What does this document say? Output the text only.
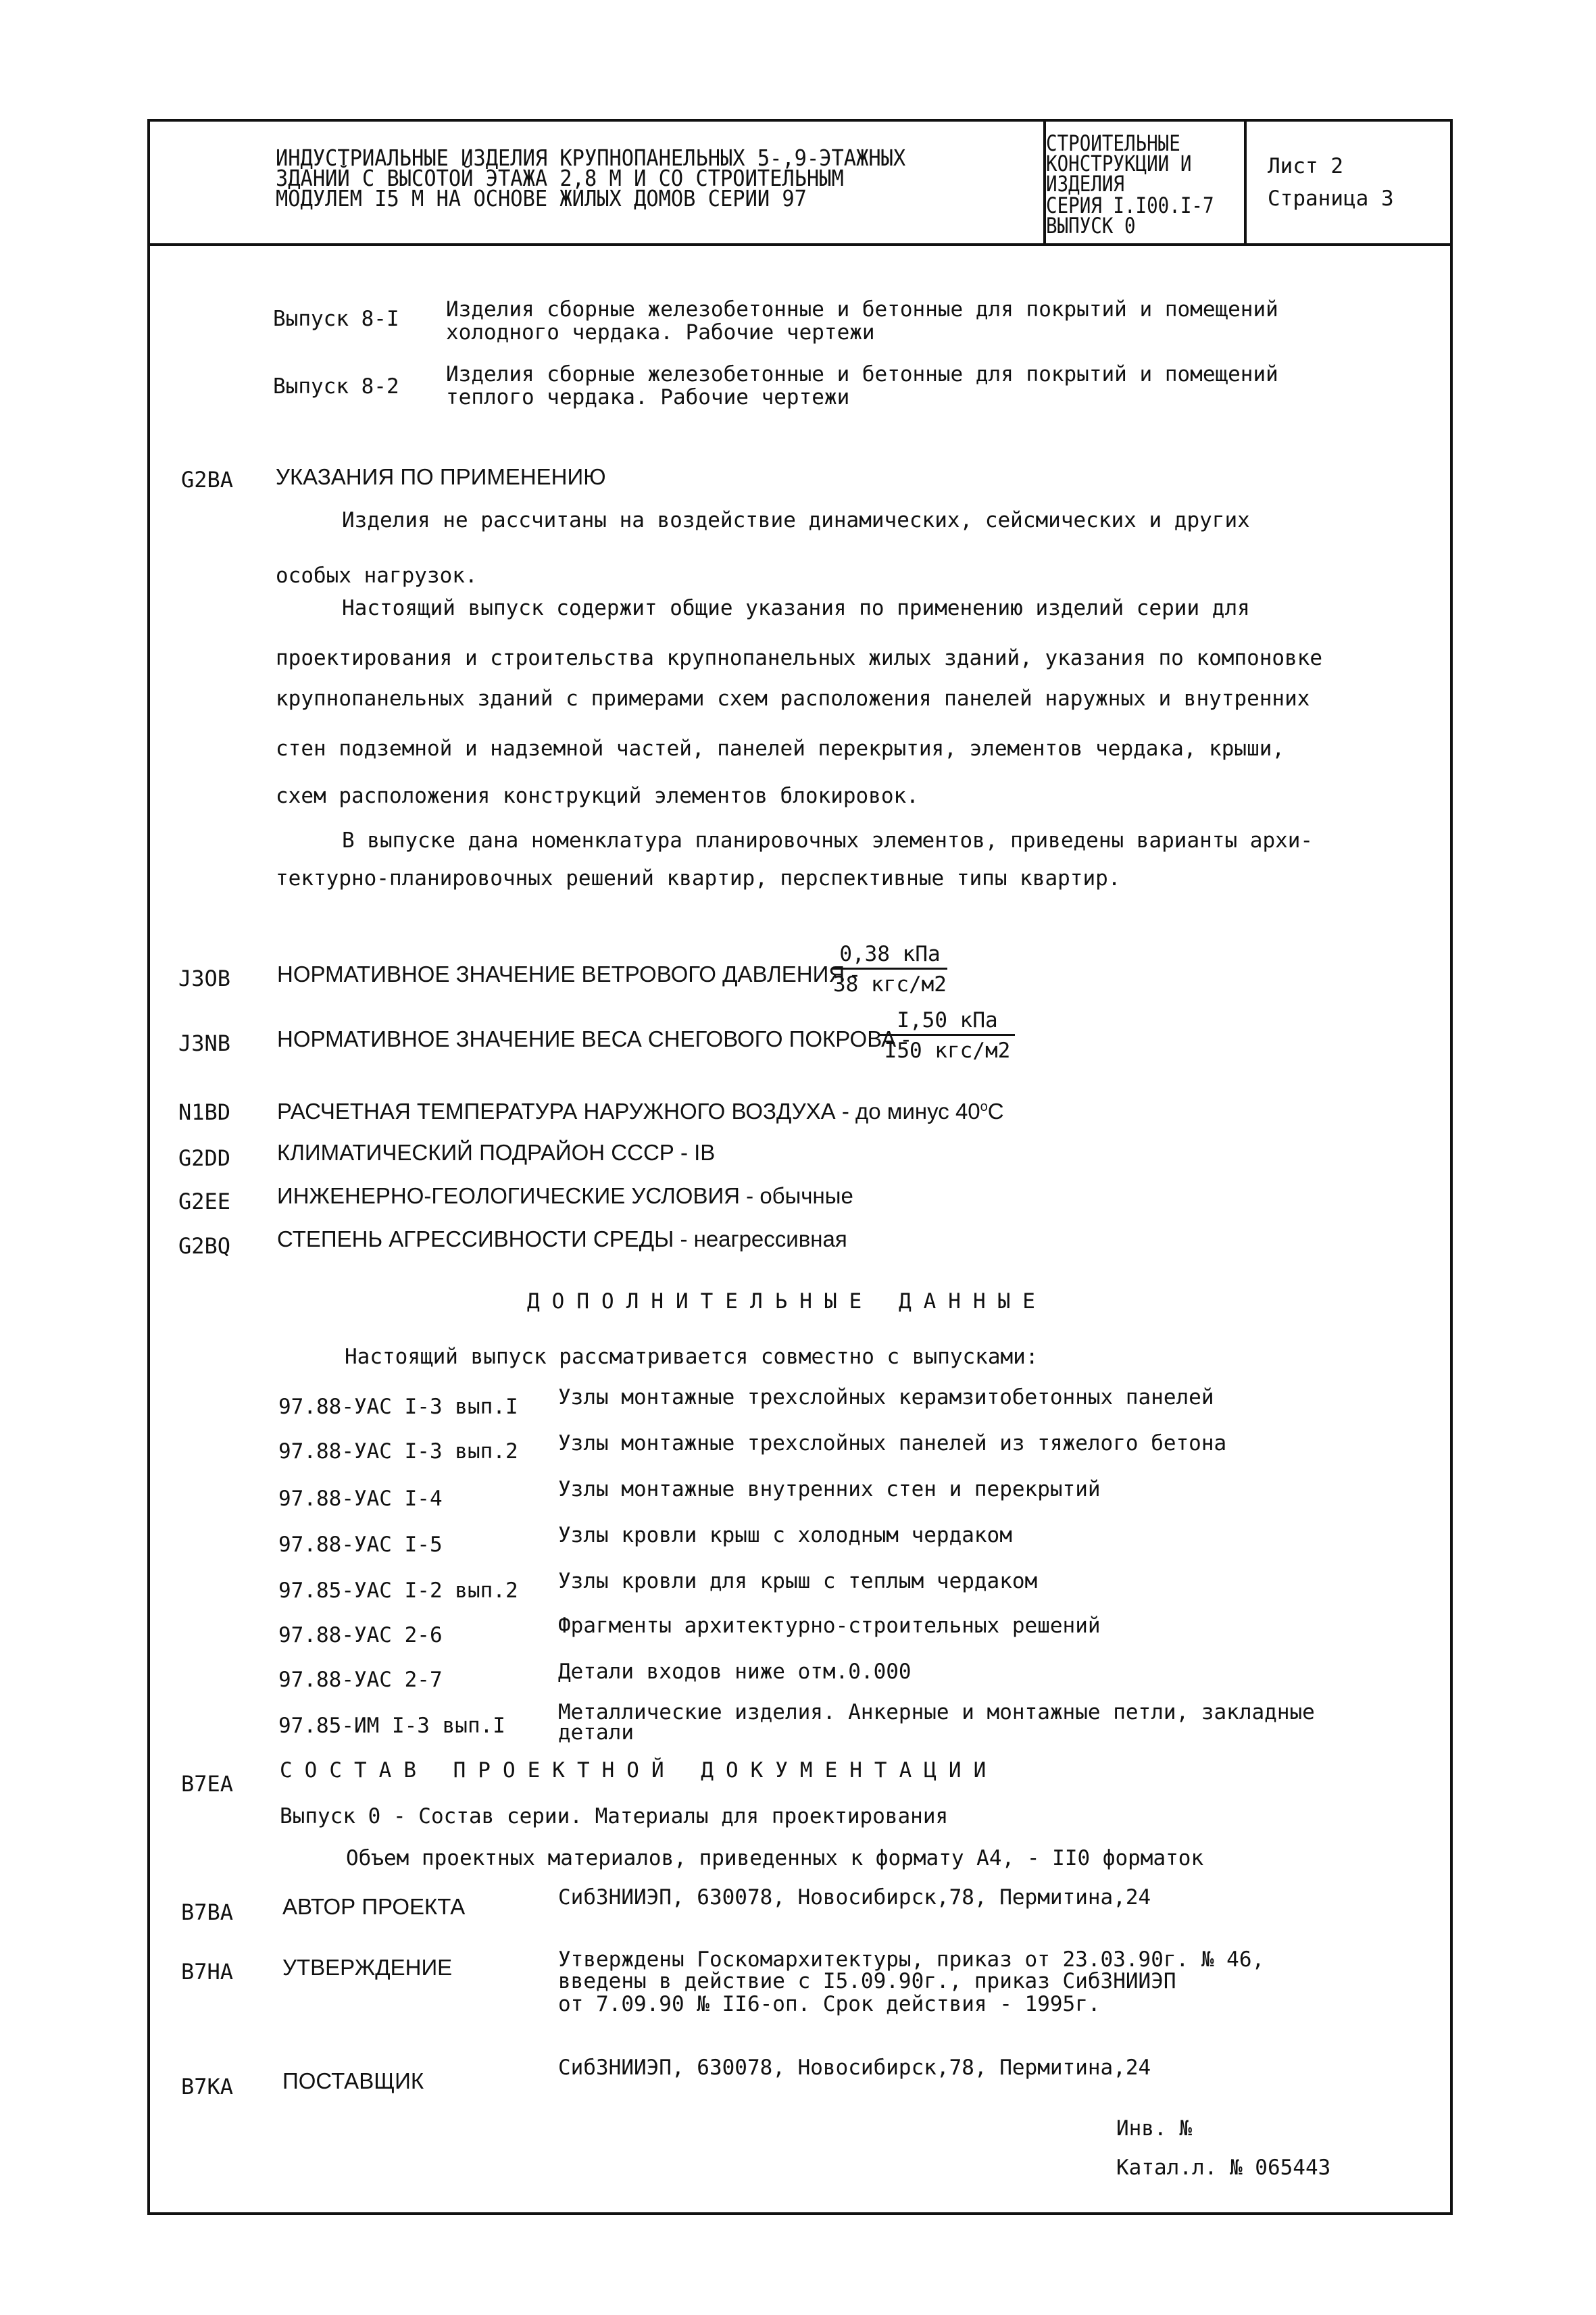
ИНДУСТРИАЛЬНЫЕ ИЗДЕЛИЯ КРУПНОПАНЕЛЬНЫХ 5-,9-ЭТАЖНЫХ
ЗДАНИЙ С ВЫСОТОЙ ЭТАЖА 2,8 М И СО СТРОИТЕЛЬНЫМ
МОДУЛЕМ I5 М НА ОСНОВЕ ЖИЛЫХ ДОМОВ СЕРИИ 97
СТРОИТЕЛЬНЫЕ
КОНСТРУКЦИИ И
ИЗДЕЛИЯ
СЕРИЯ I.I00.I-7
ВЫПУСК 0
Лист 2
Страница 3
Выпуск 8-I Изделия сборные железобетонные и бетонные для покрытий и помещений
холодного чердака. Рабочие чертежи
Выпуск 8-2 Изделия сборные железобетонные и бетонные для покрытий и помещений
теплого чердака. Рабочие чертежи
G2BA УКАЗАНИЯ ПО ПРИМЕНЕНИЮ
Изделия не рассчитаны на воздействие динамических, сейсмических и других
особых нагрузок.
Настоящий выпуск содержит общие указания по применению изделий серии для
проектирования и строительства крупнопанельных жилых зданий, указания по компоновке
крупнопанельных зданий с примерами схем расположения панелей наружных и внутренних
стен подземной и надземной частей, панелей перекрытия, элементов чердака, крыши,
схем расположения конструкций элементов блокировок.
В выпуске дана номенклатура планировочных элементов, приведены варианты архи-
тектурно-планировочных решений квартир, перспективные типы квартир.
J3OB НОРМАТИВНОЕ ЗНАЧЕНИЕ ВЕТРОВОГО ДАВЛЕНИЯ -
0,38 кПа
38 кгс/м2
J3NB НОРМАТИВНОЕ ЗНАЧЕНИЕ ВЕСА СНЕГОВОГО ПОКРОВА -
I,50 кПа
I50 кгс/м2
N1BD РАСЧЕТНАЯ ТЕМПЕРАТУРА НАРУЖНОГО ВОЗДУХА - до минус $40^оС$
G2DD КЛИМАТИЧЕСКИЙ ПОДРАЙОН СССР - IB
G2EE ИНЖЕНЕРНО-ГЕОЛОГИЧЕСКИЕ УСЛОВИЯ - обычные
G2BQ СТЕПЕНЬ АГРЕССИВНОСТИ СРЕДЫ - неагрессивная
ДОПОЛНИТЕЛЬНЫЕ ДАННЫЕ
Настоящий выпуск рассматривается совместно с выпусками:
97.88-УАС I-3 вып.I Узлы монтажные трехслойных керамзитобетонных панелей
97.88-УАС I-3 вып.2 Узлы монтажные трехслойных панелей из тяжелого бетона
97.88-УАС I-4	Узлы монтажные внутренних стен и перекрытий
97.88-УАС I-5	Узлы кровли крыш с холодным чердаком
97.85-УАС I-2 вып.2 Узлы кровли для крыш с теплым чердаком
97.88-УАС 2-6	Фрагменты архитектурно-строительных решений
97.88-УАС 2-7	Детали входов ниже отм.0.000
97.85-ИМ I-3 вып.I
Металлические изделия. Анкерные и монтажные петли, закладные
детали
B7EA
СОСТАВ ПРОЕКТНОЙ ДОКУМЕНТАЦИИ
Выпуск 0 - Состав серии. Материалы для проектирования
Объем проектных материалов, приведенных к формату А4, - II0 форматок
B7BA АВТОР ПРОЕКТА	СибЗНИИЭП, 630078, Новосибирск,78, Пермитина,24
B7HA УТВЕРЖДЕНИЕ	Утверждены Госкомархитектуры, приказ от 23.03.90г. № 46,
введены в действие с I5.09.90г., приказ СибЗНИИЭП
от 7.09.90 № II6-оп. Срок действия - 1995г.
B7KA ПОСТАВЩИК
СибЗНИИЭП, 630078, Новосибирск,78, Пермитина,24
Инв. №
Катал.л. № 065443
